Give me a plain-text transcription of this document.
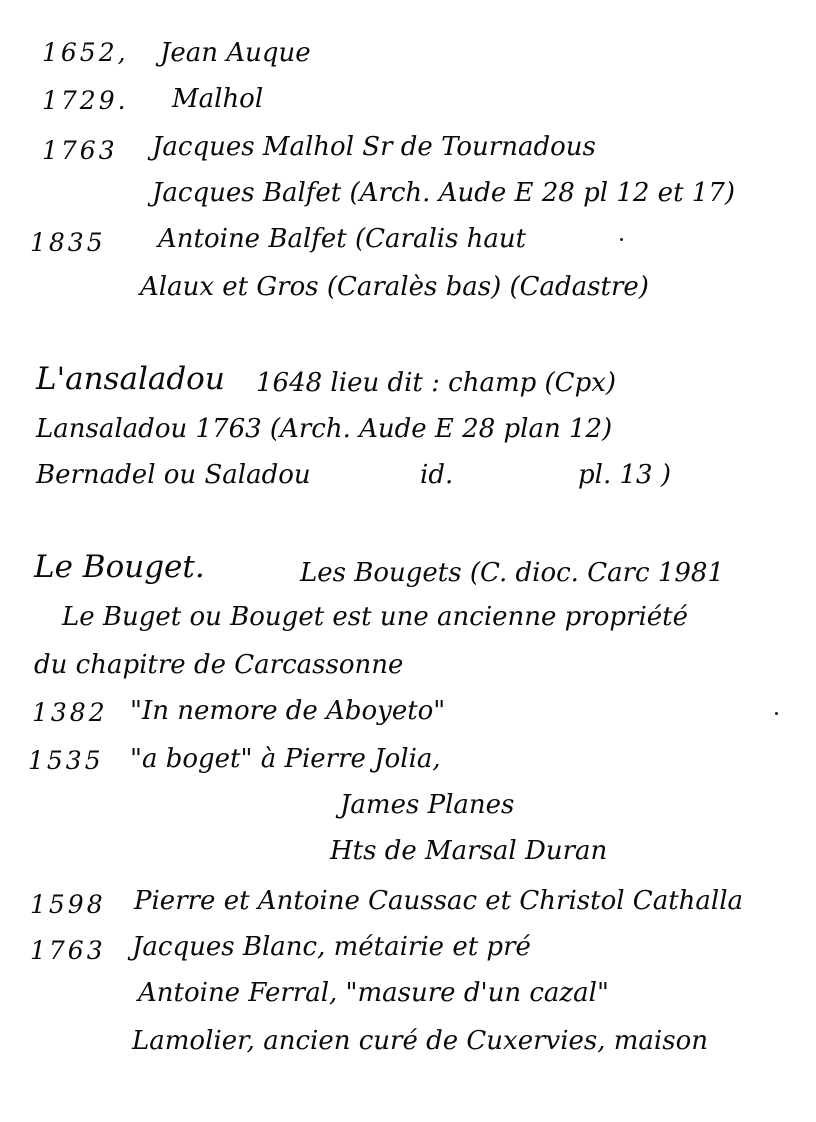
1652, Jean Auque
1729. Malhol
1763 Jacques Malhol Sr de Tournadous
Jacques Balfet (Arch. Aude E 28 pl 12 et 17)
1835 Antoine Balfet (Caralis haut
Alaux et Gros (Caralès bas) (Cadastre)
L'ansaladou 1648 lieu dit : champ (Cpx)
Lansaladou 1763 (Arch. Aude E 28 plan 12)
Bernadel ou Saladou	id.	pl. 13 )
Le Bouget.	Les Bougets (C. dioc. Carc 1981
Le Buget ou Bouget est une ancienne propriété
du chapitre de Carcassonne
1382 "In nemore de Aboyeto"
1535 "a boget" à Pierre Jolia,
James Planes
Hts de Marsal Duran
1598 Pierre et Antoine Caussac et Christol Cathalla
1763 Jacques Blanc, métairie et pré
Antoine Ferral, "masure d'un cazal"
Lamolier, ancien curé de Cuxervies, maison
